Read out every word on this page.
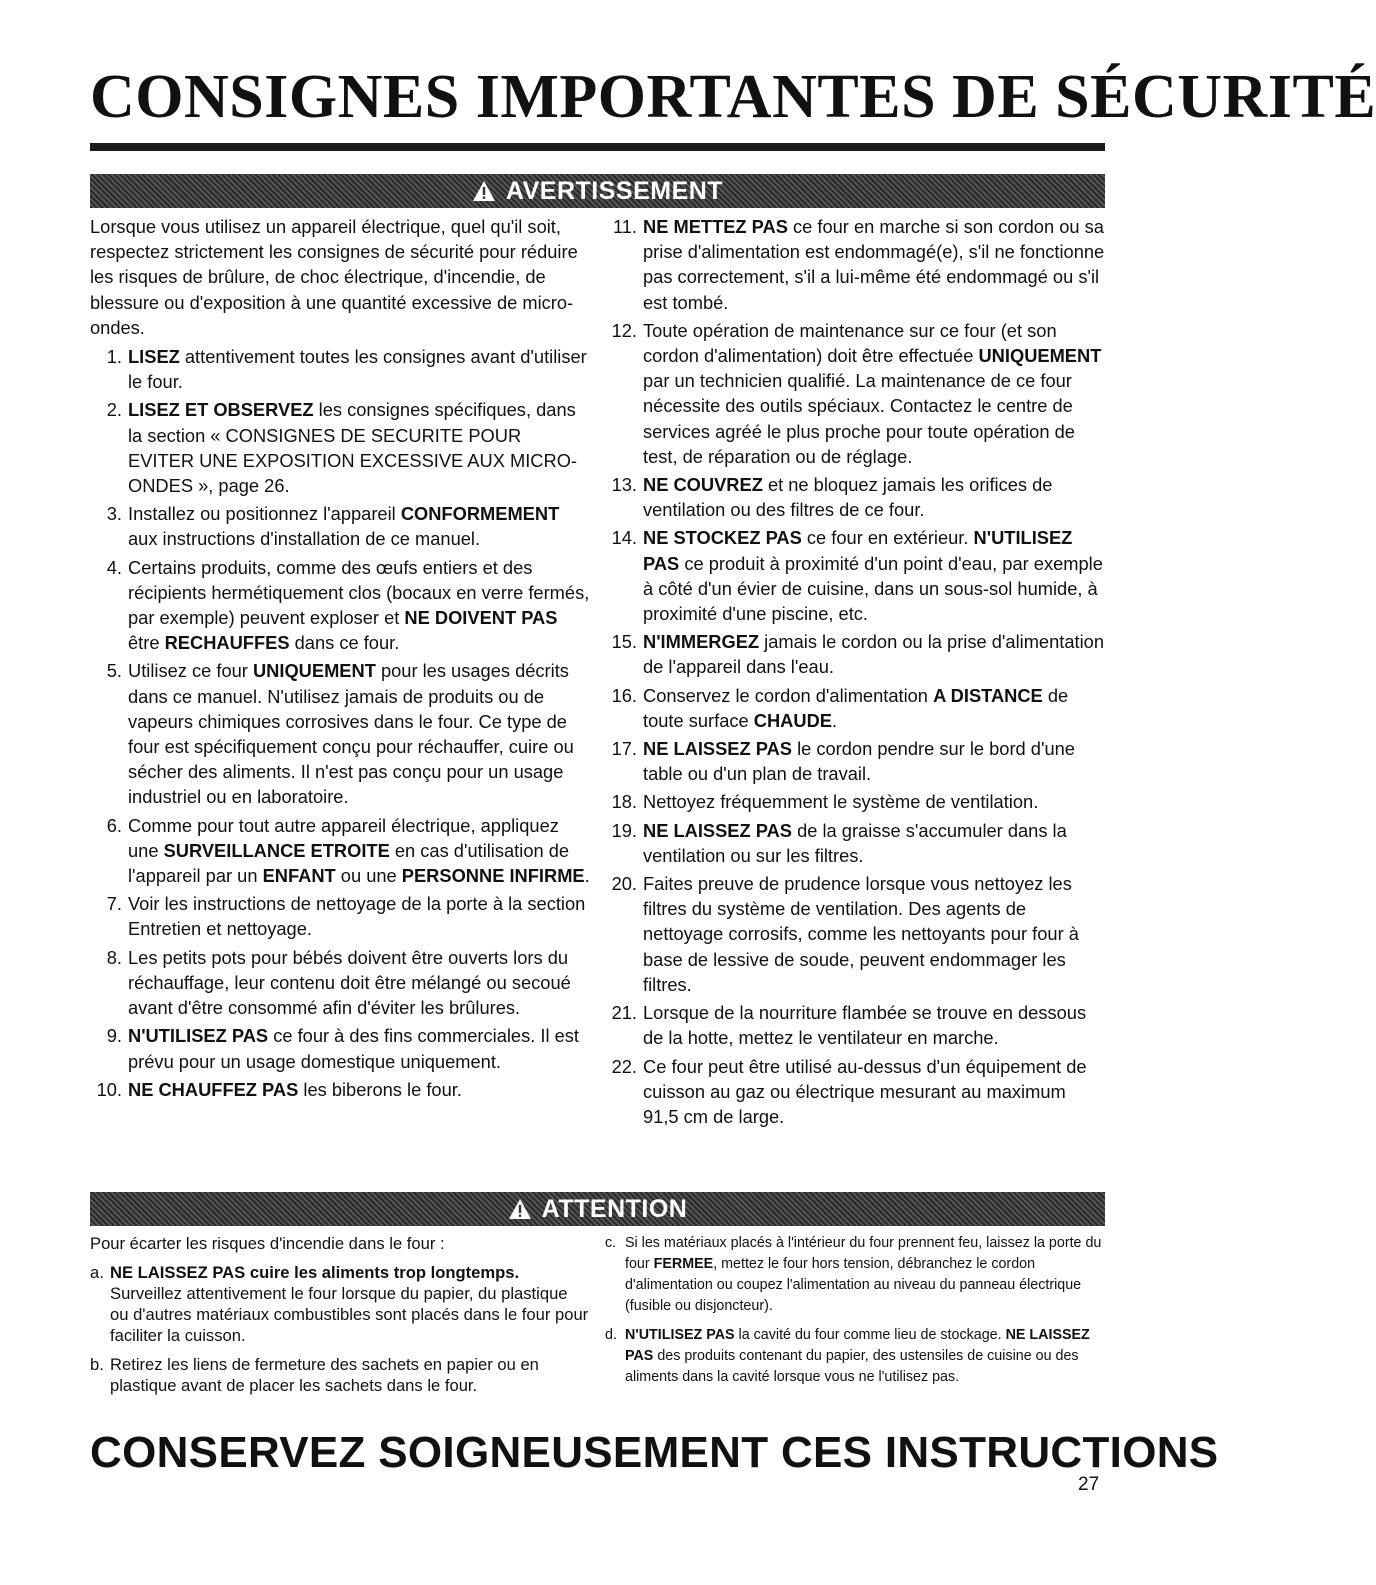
CONSIGNES IMPORTANTES DE SÉCURITÉ
AVERTISSEMENT

Lorsque vous utilisez un appareil électrique, quel qu'il soit, respectez strictement les consignes de sécurité pour réduire les risques de brûlure, de choc électrique, d'incendie, de blessure ou d'exposition à une quantité excessive de micro-ondes.

1. LISEZ attentivement toutes les consignes avant d'utiliser le four.
2. LISEZ ET OBSERVEZ les consignes spécifiques, dans la section « CONSIGNES DE SECURITE POUR EVITER UNE EXPOSITION EXCESSIVE AUX MICRO-ONDES », page 26.
3. Installez ou positionnez l'appareil CONFORMEMENT aux instructions d'installation de ce manuel.
4. Certains produits, comme des œufs entiers et des récipients hermétiquement clos (bocaux en verre fermés, par exemple) peuvent exploser et NE DOIVENT PAS être RECHAUFFES dans ce four.
5. Utilisez ce four UNIQUEMENT pour les usages décrits dans ce manuel. N'utilisez jamais de produits ou de vapeurs chimiques corrosives dans le four. Ce type de four est spécifiquement conçu pour réchauffer, cuire ou sécher des aliments. Il n'est pas conçu pour un usage industriel ou en laboratoire.
6. Comme pour tout autre appareil électrique, appliquez une SURVEILLANCE ETROITE en cas d'utilisation de l'appareil par un ENFANT ou une PERSONNE INFIRME.
7. Voir les instructions de nettoyage de la porte à la section Entretien et nettoyage.
8. Les petits pots pour bébés doivent être ouverts lors du réchauffage, leur contenu doit être mélangé ou secoué avant d'être consommé afin d'éviter les brûlures.
9. N'UTILISEZ PAS ce four à des fins commerciales. Il est prévu pour un usage domestique uniquement.
10. NE CHAUFFEZ PAS les biberons le four.
11. NE METTEZ PAS ce four en marche si son cordon ou sa prise d'alimentation est endommagé(e), s'il ne fonctionne pas correctement, s'il a lui-même été endommagé ou s'il est tombé.
12. Toute opération de maintenance sur ce four (et son cordon d'alimentation) doit être effectuée UNIQUEMENT par un technicien qualifié. La maintenance de ce four nécessite des outils spéciaux. Contactez le centre de services agréé le plus proche pour toute opération de test, de réparation ou de réglage.
13. NE COUVREZ et ne bloquez jamais les orifices de ventilation ou des filtres de ce four.
14. NE STOCKEZ PAS ce four en extérieur. N'UTILISEZ PAS ce produit à proximité d'un point d'eau, par exemple à côté d'un évier de cuisine, dans un sous-sol humide, à proximité d'une piscine, etc.
15. N'IMMERGEZ jamais le cordon ou la prise d'alimentation de l'appareil dans l'eau.
16. Conservez le cordon d'alimentation A DISTANCE de toute surface CHAUDE.
17. NE LAISSEZ PAS le cordon pendre sur le bord d'une table ou d'un plan de travail.
18. Nettoyez fréquemment le système de ventilation.
19. NE LAISSEZ PAS de la graisse s'accumuler dans la ventilation ou sur les filtres.
20. Faites preuve de prudence lorsque vous nettoyez les filtres du système de ventilation. Des agents de nettoyage corrosifs, comme les nettoyants pour four à base de lessive de soude, peuvent endommager les filtres.
21. Lorsque de la nourriture flambée se trouve en dessous de la hotte, mettez le ventilateur en marche.
22. Ce four peut être utilisé au-dessus d'un équipement de cuisson au gaz ou électrique mesurant au maximum 91,5 cm de large.
ATTENTION

Pour écarter les risques d'incendie dans le four :

a. NE LAISSEZ PAS cuire les aliments trop longtemps. Surveillez attentivement le four lorsque du papier, du plastique ou d'autres matériaux combustibles sont placés dans le four pour faciliter la cuisson.
b. Retirez les liens de fermeture des sachets en papier ou en plastique avant de placer les sachets dans le four.
c. Si les matériaux placés à l'intérieur du four prennent feu, laissez la porte du four FERMEE, mettez le four hors tension, débranchez le cordon d'alimentation ou coupez l'alimentation au niveau du panneau électrique (fusible ou disjoncteur).
d. N'UTILISEZ PAS la cavité du four comme lieu de stockage. NE LAISSEZ PAS des produits contenant du papier, des ustensiles de cuisine ou des aliments dans la cavité lorsque vous ne l'utilisez pas.
CONSERVEZ SOIGNEUSEMENT CES INSTRUCTIONS
27
